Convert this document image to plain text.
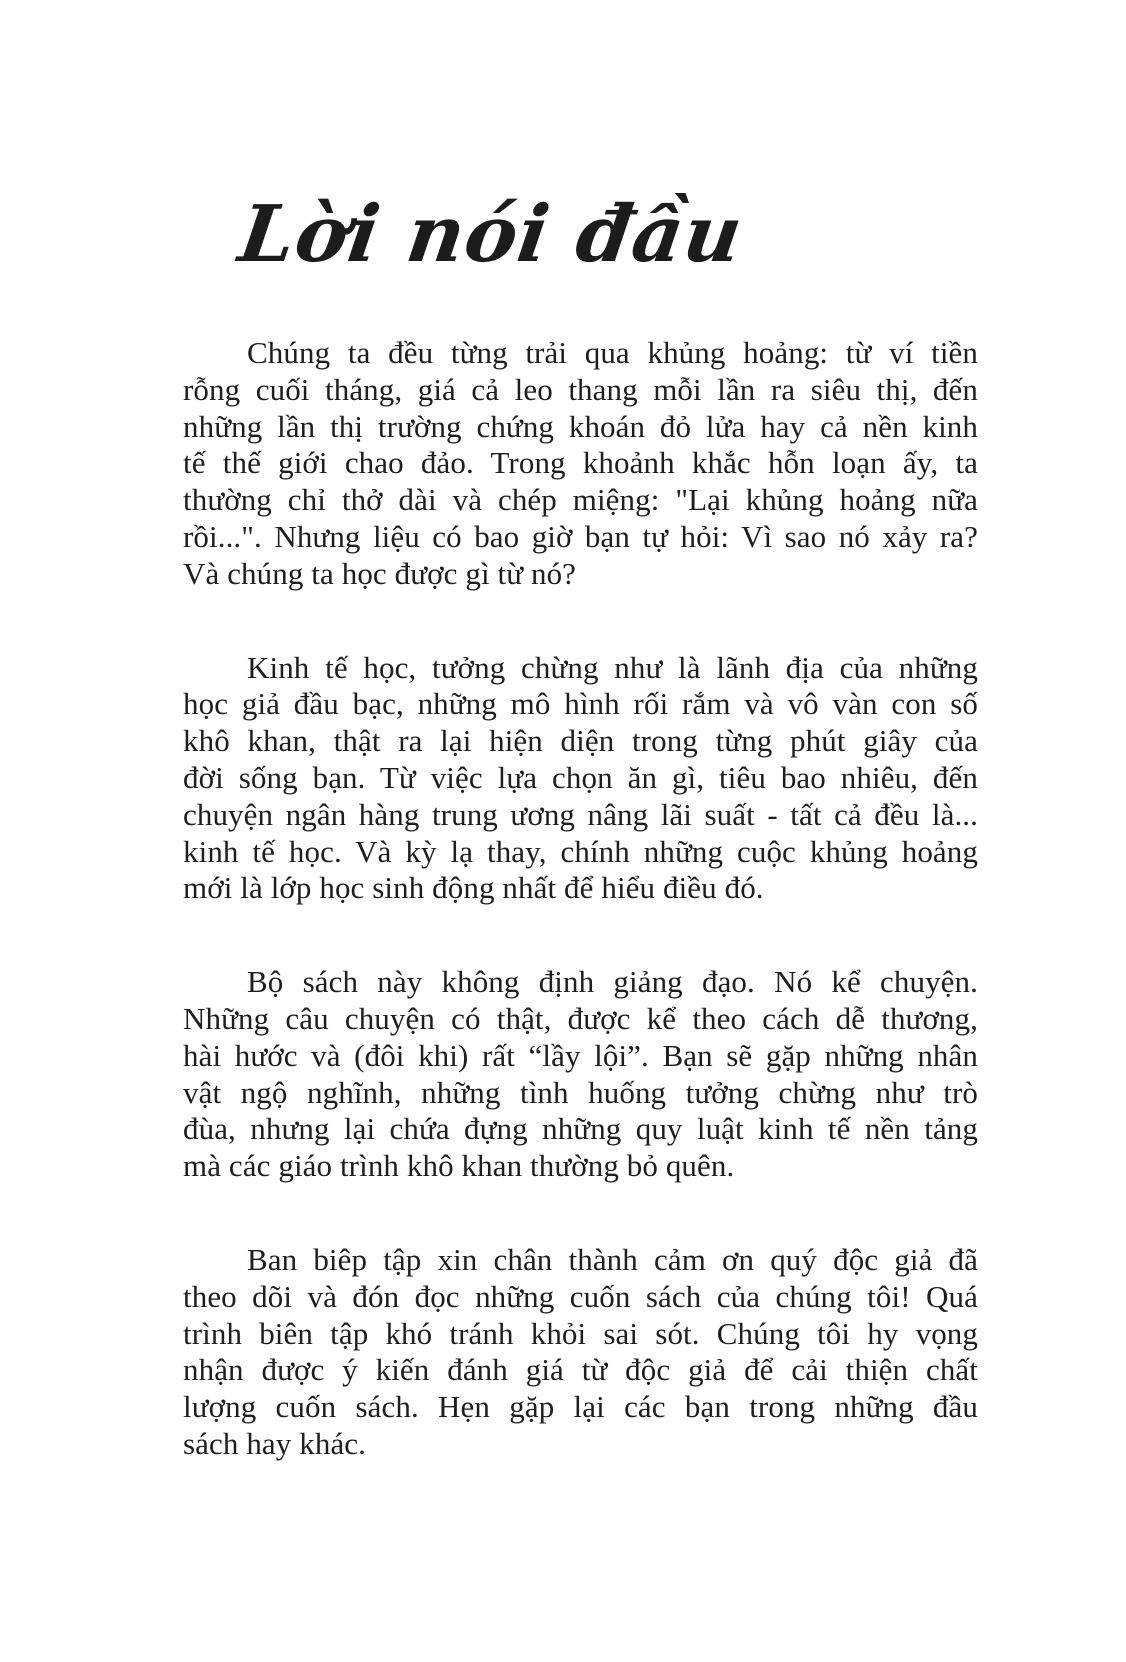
Lời nói đầu
Chúng ta đều từng trải qua khủng hoảng: từ ví tiền
rỗng cuối tháng, giá cả leo thang mỗi lần ra siêu thị, đến
những lần thị trường chứng khoán đỏ lửa hay cả nền kinh
tế thế giới chao đảo. Trong khoảnh khắc hỗn loạn ấy, ta
thường chỉ thở dài và chép miệng: "Lại khủng hoảng nữa
rồi...". Nhưng liệu có bao giờ bạn tự hỏi: Vì sao nó xảy ra?
Và chúng ta học được gì từ nó?
Kinh tế học, tưởng chừng như là lãnh địa của những
học giả đầu bạc, những mô hình rối rắm và vô vàn con số
khô khan, thật ra lại hiện diện trong từng phút giây của
đời sống bạn. Từ việc lựa chọn ăn gì, tiêu bao nhiêu, đến
chuyện ngân hàng trung ương nâng lãi suất - tất cả đều là...
kinh tế học. Và kỳ lạ thay, chính những cuộc khủng hoảng
mới là lớp học sinh động nhất để hiểu điều đó.
Bộ sách này không định giảng đạo. Nó kể chuyện.
Những câu chuyện có thật, được kể theo cách dễ thương,
hài hước và (đôi khi) rất “lầy lội”. Bạn sẽ gặp những nhân
vật ngộ nghĩnh, những tình huống tưởng chừng như trò
đùa, nhưng lại chứa đựng những quy luật kinh tế nền tảng
mà các giáo trình khô khan thường bỏ quên.
Ban biêp tập xin chân thành cảm ơn quý độc giả đã
theo dõi và đón đọc những cuốn sách của chúng tôi! Quá
trình biên tập khó tránh khỏi sai sót. Chúng tôi hy vọng
nhận được ý kiến đánh giá từ độc giả để cải thiện chất
lượng cuốn sách. Hẹn gặp lại các bạn trong những đầu
sách hay khác.
